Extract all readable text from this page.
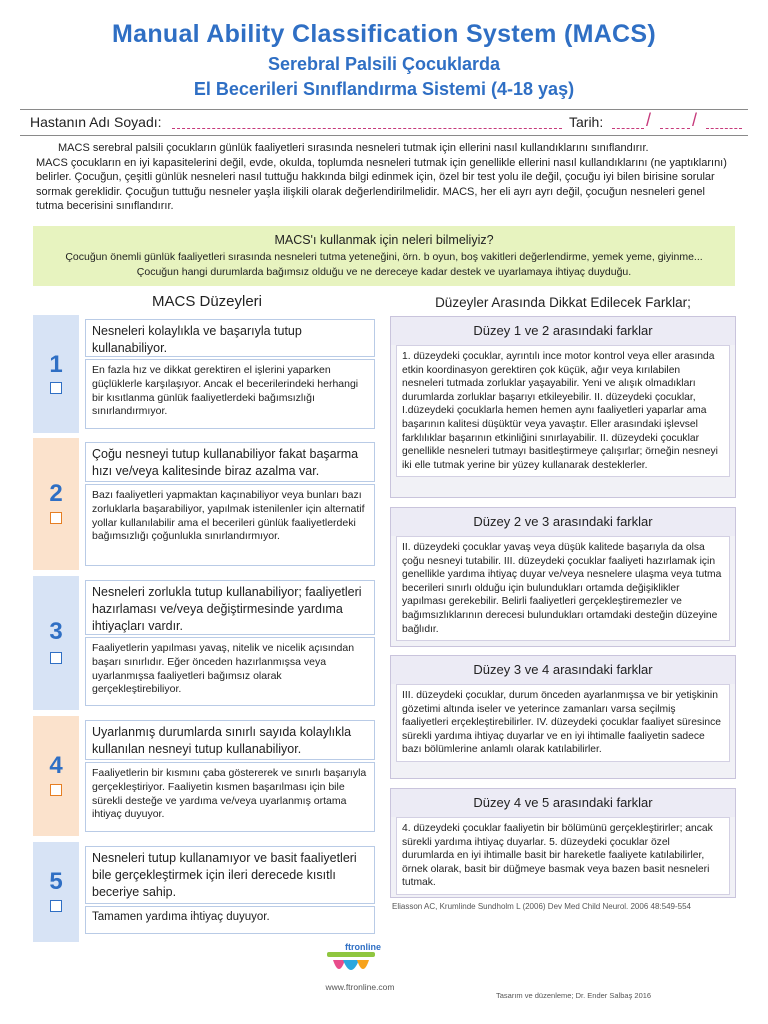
Manual Ability Classification System (MACS)
Serebral Palsili Çocuklarda
El Becerileri Sınıflandırma Sistemi (4-18 yaş)
Hastanın Adı Soyadı:	Tarih: / /

MACS serebral palsili çocukların günlük faaliyetleri sırasında nesneleri tutmak için ellerini nasıl kullandıklarını sınıflandırır.

MACS çocukların en iyi kapasitelerini değil, evde, okulda, toplumda nesneleri tutmak için genellikle ellerini nasıl kullandıklarını (ne yaptıklarını) belirler. Çocuğun, çeşitli günlük nesneleri nasıl tuttuğu hakkında bilgi edinmek için, özel bir test yolu ile değil, çocuğu iyi bilen birisine sorular sormak gereklidir. Çocuğun tuttuğu nesneler yaşla ilişkili olarak değerlendirilmelidir. MACS, her eli ayrı ayrı değil, çocuğun nesneleri genel tutma becerisini sınıflandırır.

MACS'ı kullanmak için neleri bilmeliyiz?
Çocuğun önemli günlük faaliyetleri sırasında nesneleri tutma yeteneğini, örn. b oyun, boş vakitleri değerlendirme, yemek yeme, giyinme...
Çocuğun hangi durumlarda bağımsız olduğu ve ne dereceye kadar destek ve uyarlamaya ihtiyaç duyduğu.
MACS Düzeyleri	Düzeyler Arasında Dikkat Edilecek Farklar;
1
Nesneleri kolaylıkla ve başarıyla tutup kullanabiliyor.
En fazla hız ve dikkat gerektiren el işlerini yaparken güçlüklerle karşılaşıyor. Ancak el becerilerindeki herhangi bir kısıtlanma günlük faaliyetlerdeki bağımsızlığı sınırlandırmıyor.
2
Çoğu nesneyi tutup kullanabiliyor fakat başarma hızı ve/veya kalitesinde biraz azalma var.
Bazı faaliyetleri yapmaktan kaçınabiliyor veya bunları bazı zorluklarla başarabiliyor, yapılmak istenilenler için alternatif yollar kullanılabilir ama el becerileri günlük faaliyetlerdeki bağımsızlığı çoğunlukla sınırlandırmıyor.
3
Nesneleri zorlukla tutup kullanabiliyor; faaliyetleri hazırlaması ve/veya değiştirmesinde yardıma ihtiyaçları vardır.
Faaliyetlerin yapılması yavaş, nitelik ve nicelik açısından başarı sınırlıdır. Eğer önceden hazırlanmışsa veya uyarlanmışsa faaliyetleri bağımsız olarak gerçekleştirebiliyor.
4
Uyarlanmış durumlarda sınırlı sayıda kolaylıkla kullanılan nesneyi tutup kullanabiliyor.
Faaliyetlerin bir kısmını çaba göstererek ve sınırlı başarıyla gerçekleştiriyor. Faaliyetin kısmen başarılması için bile sürekli desteğe ve yardıma ve/veya uyarlanmış ortama ihtiyaç duyuyor.
5
Nesneleri tutup kullanamıyor ve basit faaliyetleri bile gerçekleştirmek için ileri derecede kısıtlı beceriye sahip.
Tamamen yardıma ihtiyaç duyuyor.
Düzey 1 ve 2 arasındaki farklar
1. düzeydeki çocuklar, ayrıntılı ince motor kontrol veya eller arasında etkin koordinasyon gerektiren çok küçük, ağır veya kırılabilen nesneleri tutmada zorluklar yaşayabilir. Yeni ve alışık olmadıkları durumlarda zorluklar başarıyı etkileyebilir. II. düzeydeki çocuklar, I.düzeydeki çocuklarla hemen hemen aynı faaliyetleri yaparlar ama başarının kalitesi düşüktür veya yavaştır. Eller arasındaki işlevsel farklılıklar başarının etkinliğini sınırlayabilir. II. düzeydeki çocuklar genellikle nesneleri tutmayı basitleştirmeye çalışırlar; örneğin nesneyi iki elle tutmak yerine bir yüzey kullanarak desteklerler.
Düzey 2 ve 3 arasındaki farklar
II. düzeydeki çocuklar yavaş veya düşük kalitede başarıyla da olsa çoğu nesneyi tutabilir. III. düzeydeki çocuklar faaliyeti hazırlamak için genellikle yardıma ihtiyaç duyar ve/veya nesnelere ulaşma veya tutma becerileri sınırlı olduğu için bulundukları ortamda değişiklikler yapılması gerekebilir. Belirli faaliyetleri gerçekleştiremezler ve bağımsızlıklarının derecesi bulundukları ortamdaki desteğin düzeyine bağlıdır.
Düzey 3 ve 4 arasındaki farklar
III. düzeydeki çocuklar, durum önceden ayarlanmışsa ve bir yetişkinin gözetimi altında iseler ve yeterince zamanları varsa seçilmiş faaliyetleri erçekleştirebilirler. IV. düzeydeki çocuklar faaliyet süresince sürekli yardıma ihtiyaç duyarlar ve en iyi ihtimalle faaliyetin sadece bazı bölümlerine anlamlı olarak katılabilirler.
Düzey 4 ve 5 arasındaki farklar
4. düzeydeki çocuklar faaliyetin bir bölümünü gerçekleştirirler; ancak sürekli yardıma ihtiyaç duyarlar. 5. düzeydeki çocuklar özel durumlarda en iyi ihtimalle basit bir hareketle faaliyete katılabilirler, örnek olarak, basit bir düğmeye basmak veya bazen basit nesneleri tutmak.
Eliasson AC, Krumlinde Sundholm L (2006) Dev Med Child Neurol. 2006 48:549-554
ftronline
www.ftronline.com
Tasarım ve düzenleme; Dr. Ender Salbaş 2016
